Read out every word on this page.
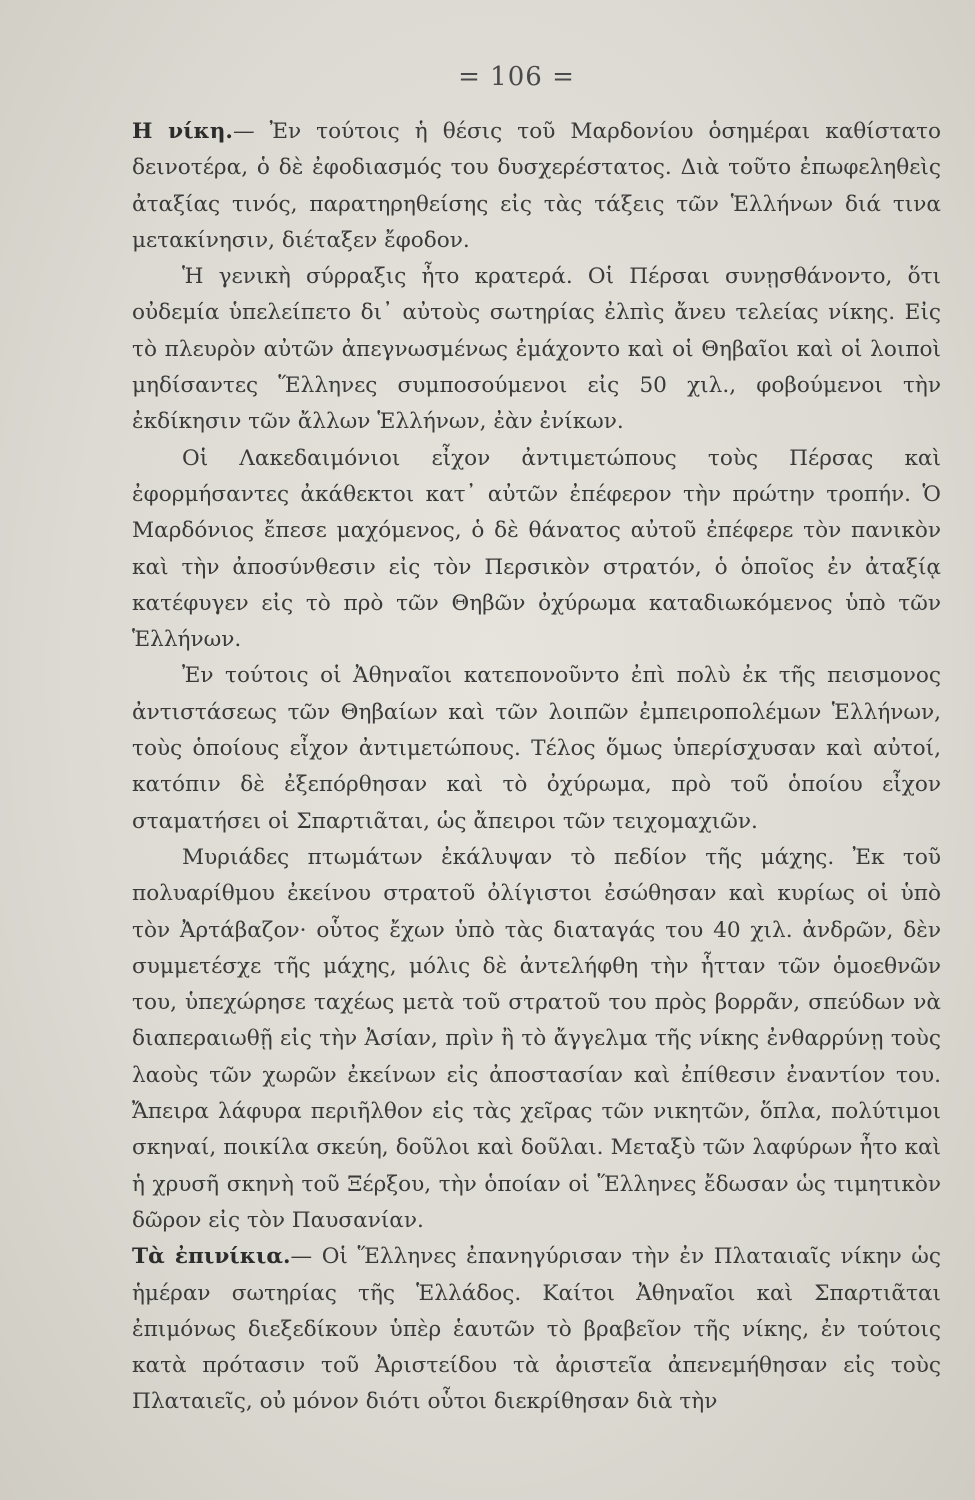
= 106 =

Η νίκη.— Ἐν τούτοις ἡ θέσις τοῦ Μαρδονίου ὁσημέραι καθίστατο δεινοτέρα, ὁ δὲ ἐφοδιασμός του δυσχερέστατος. Διὰ τοῦτο ἐπωφεληθεὶς ἀταξίας τινός, παρατηρηθείσης εἰς τὰς τάξεις τῶν Ἑλλήνων διά τινα μετακίνησιν, διέταξεν ἔφοδον.

Ἡ γενικὴ σύρραξις ἦτο κρατερά. Οἱ Πέρσαι συνῃσθάνοντο, ὅτι οὐδεμία ὑπελείπετο δι᾽ αὐτοὺς σωτηρίας ἐλπὶς ἄνευ τελείας νίκης. Εἰς τὸ πλευρὸν αὐτῶν ἀπεγνωσμένως ἐμάχοντο καὶ οἱ Θηβαῖοι καὶ οἱ λοιποὶ μηδίσαντες Ἕλληνες συμποσούμενοι εἰς 50 χιλ., φοβούμενοι τὴν ἐκδίκησιν τῶν ἄλλων Ἑλλήνων, ἐὰν ἐνίκων.

Οἱ Λακεδαιμόνιοι εἶχον ἀντιμετώπους τοὺς Πέρσας καὶ ἐφορμήσαντες ἀκάθεκτοι κατ᾽ αὐτῶν ἐπέφερον τὴν πρώτην τροπήν. Ὁ Μαρδόνιος ἔπεσε μαχόμενος, ὁ δὲ θάνατος αὐτοῦ ἐπέφερε τὸν πανικὸν καὶ τὴν ἀποσύνθεσιν εἰς τὸν Περσικὸν στρατόν, ὁ ὁποῖος ἐν ἀταξίᾳ κατέφυγεν εἰς τὸ πρὸ τῶν Θηβῶν ὀχύρωμα καταδιωκόμενος ὑπὸ τῶν Ἑλλήνων.

Ἐν τούτοις οἱ Ἀθηναῖοι κατεπονοῦντο ἐπὶ πολὺ ἐκ τῆς πεισμονος ἀντιστάσεως τῶν Θηβαίων καὶ τῶν λοιπῶν ἐμπειροπολέμων Ἑλλήνων, τοὺς ὁποίους εἶχον ἀντιμετώπους. Τέλος ὅμως ὑπερίσχυσαν καὶ αὐτοί, κατόπιν δὲ ἐξεπόρθησαν καὶ τὸ ὀχύρωμα, πρὸ τοῦ ὁποίου εἶχον σταματήσει οἱ Σπαρτιᾶται, ὡς ἄπειροι τῶν τειχομαχιῶν.

Μυριάδες πτωμάτων ἐκάλυψαν τὸ πεδίον τῆς μάχης. Ἐκ τοῦ πολυαρίθμου ἐκείνου στρατοῦ ὀλίγιστοι ἐσώθησαν καὶ κυρίως οἱ ὑπὸ τὸν Ἀρτάβαζον· οὗτος ἔχων ὑπὸ τὰς διαταγάς του 40 χιλ. ἀνδρῶν, δὲν συμμετέσχε τῆς μάχης, μόλις δὲ ἀντελήφθη τὴν ἧτταν τῶν ὁμοεθνῶν του, ὑπεχώρησε ταχέως μετὰ τοῦ στρατοῦ του πρὸς βορρᾶν, σπεύδων νὰ διαπεραιωθῇ εἰς τὴν Ἀσίαν, πρὶν ἢ τὸ ἄγγελμα τῆς νίκης ἐνθαρρύνῃ τοὺς λαοὺς τῶν χωρῶν ἐκείνων εἰς ἀποστασίαν καὶ ἐπίθεσιν ἐναντίον του. Ἄπειρα λάφυρα περιῆλθον εἰς τὰς χεῖρας τῶν νικητῶν, ὅπλα, πολύτιμοι σκηναί, ποικίλα σκεύη, δοῦλοι καὶ δοῦλαι. Μεταξὺ τῶν λαφύρων ἦτο καὶ ἡ χρυσῆ σκηνὴ τοῦ Ξέρξου, τὴν ὁποίαν οἱ Ἕλληνες ἔδωσαν ὡς τιμητικὸν δῶρον εἰς τὸν Παυσανίαν.

Τὰ ἐπινίκια.— Οἱ Ἕλληνες ἐπανηγύρισαν τὴν ἐν Πλαταιαῖς νίκην ὡς ἡμέραν σωτηρίας τῆς Ἑλλάδος. Καίτοι Ἀθηναῖοι καὶ Σπαρτιᾶται ἐπιμόνως διεξεδίκουν ὑπὲρ ἑαυτῶν τὸ βραβεῖον τῆς νίκης, ἐν τούτοις κατὰ πρότασιν τοῦ Ἀριστείδου τὰ ἀριστεῖα ἀπενεμήθησαν εἰς τοὺς Πλαταιεῖς, οὐ μόνον διότι οὗτοι διεκρίθησαν διὰ τὴν
